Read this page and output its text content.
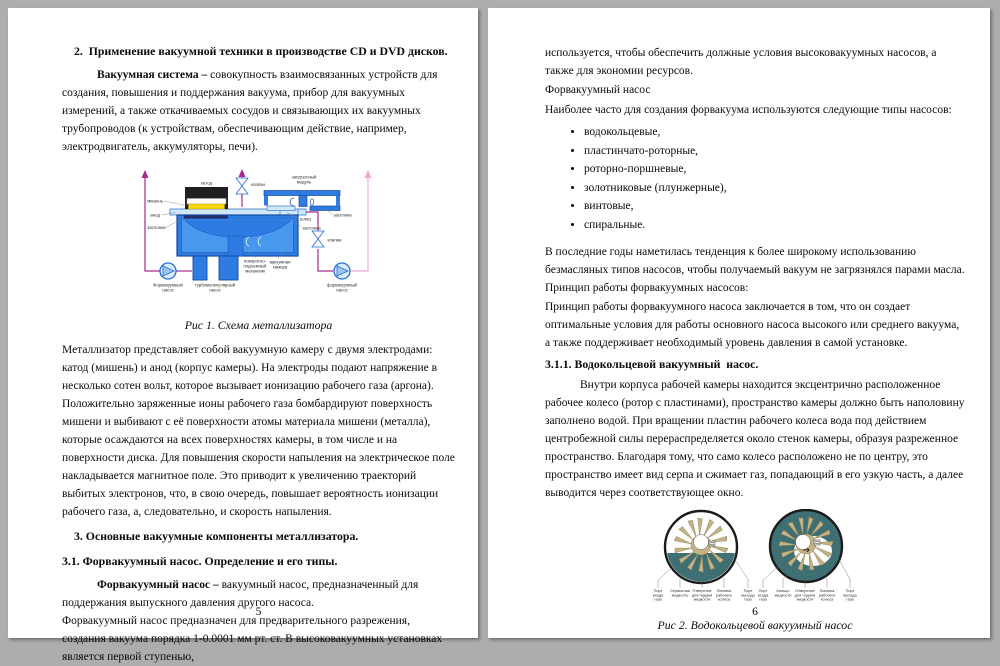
2.  Применение вакуумной техники в производстве CD и DVD дисков.

Вакуумная система – совокупность взаимосвязанных устройств для создания, повышения и поддержания вакуума, прибор для вакуумных измерений, а также откачиваемых сосудов и связывающих их вакуумных трубопроводов (к устройствам, обеспечивающим действие, например, электродвигатель, аккумуляторы, печи).

катод
мишень
анод
заслонка
клапан
загрузочный модуль
заслонка
шлюз
заслонка
клапан
вакуумная камера
поворотно-подъемный механизм
Форвакуумный насос
турбомолекулярный насос
форвакуумный насос
Рис 1. Схема металлизатора

Металлизатор представляет собой вакуумную камеру с двумя электродами: катод (мишень) и анод (корпус камеры). На электроды подают напряжение в несколько сотен вольт, которое вызывает ионизацию рабочего газа (аргона). Положительно заряженные ионы рабочего газа бомбардируют поверхность мишени и выбивают с её поверхности атомы материала мишени (металла), которые осаждаются на всех поверхностях камеры, в том числе и на поверхности диска. Для повышения скорости напыления на электрическое поле накладывается магнитное поле. Это приводит к увеличению траекторий выбитых электронов, что, в свою очередь, повышает вероятность ионизации рабочего газа, а, следовательно, и скорость напыления.

3. Основные вакуумные компоненты металлизатора.
3.1. Форвакуумный насос. Определение и его типы.

Форвакуумный насос – вакуумный насос, предназначенный для поддержания выпускного давления другого насоса.

Форвакуумный насос предназначен для предварительного разрежения, создания вакуума порядка 1-0.0001 мм рт. ст. В высоковакуумных установках является первой ступенью,

5

используется, чтобы обеспечить должные условия высоковакуумных насосов, а также для экономии ресурсов.

Форвакуумный насос
Наиболее часто для создания форвакуума используются следующие типы насосов:
• водокольцевые,
• пластинчато-роторные,
• роторно-поршневые,
• золотниковые (плунжерные),
• винтовые,
• спиральные.

В последние годы наметилась тенденция к более широкому использованию безмасляных типов насосов, чтобы получаемый вакуум не загрязнялся парами масла.

Принцип работы форвакуумных насосов:

Принцип работы форвакуумного насоса заключается в том, что он создает оптимальные условия для работы основного насоса высокого или среднего вакуума, а также поддерживает необходимый уровень давления в самой установке.

3.1.1. Водокольцевой вакуумный  насос.

Внутри корпуса рабочей камеры находится эксцентрично расположенное рабочее колесо (ротор с пластинами), пространство камеры должно быть наполовину заполнено водой. При вращении пластин рабочего колеса вода под действием центробежной силы перераспределяется около стенок камеры, образуя разреженное пространство. Благодаря тому, что само колесо расположено не по центру, это пространство имеет вид серпа и сжимает газ, попадающий в его узкую часть, а далее выводится через соответствующее окно.

Порт входа газа
Сервисная жидкость
Отверстие для подачи жидкости
Лопатка рабочего колеса
Порт выхода газа
Порт входа газа
Кольцо жидкости
Отверстие для подачи жидкости
Лопатка рабочего колеса
Порт выхода газа
Рис 2. Водокольцевой вакуумный насос
6
